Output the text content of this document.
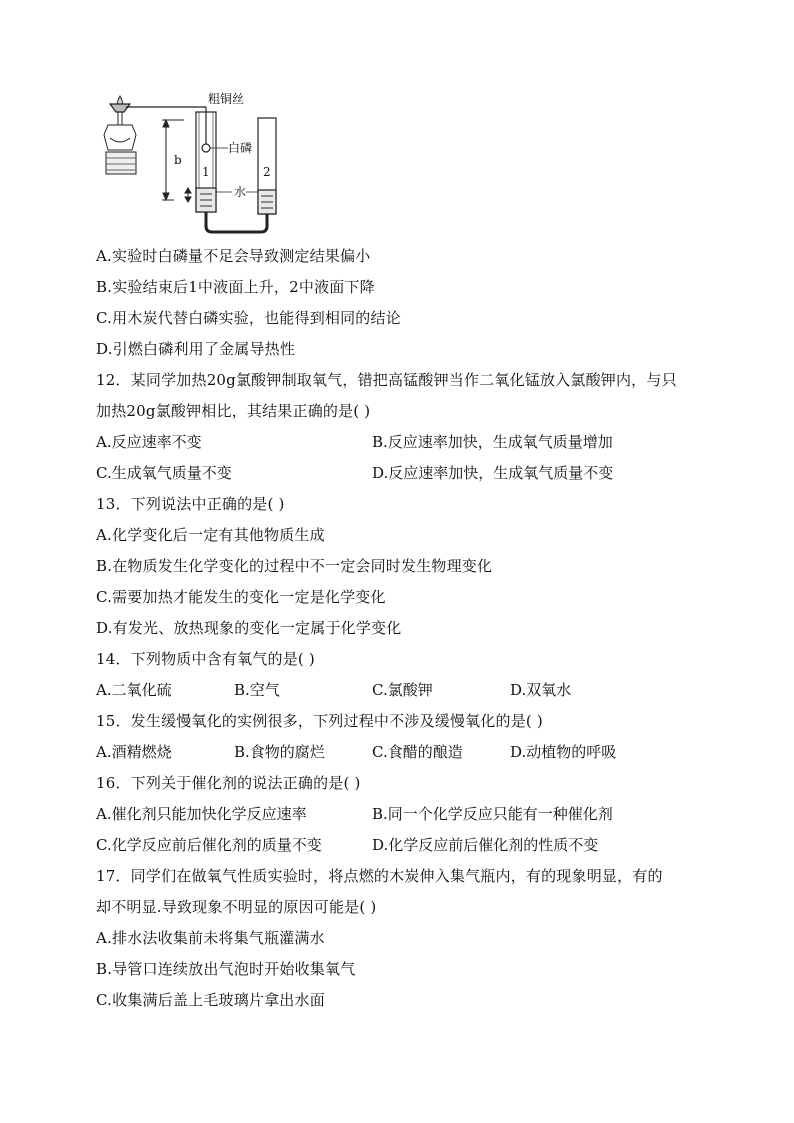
粗铜丝
白磷
水
b
1	2
A.实验时白磷量不足会导致测定结果偏小
B.实验结束后1中液面上升，2中液面下降
C.用木炭代替白磷实验，也能得到相同的结论
D.引燃白磷利用了金属导热性
12．某同学加热20g氯酸钾制取氧气，错把高锰酸钾当作二氧化锰放入氯酸钾内，与只
加热20g氯酸钾相比，其结果正确的是( )
A.反应速率不变	B.反应速率加快，生成氧气质量增加
C.生成氧气质量不变	D.反应速率加快，生成氧气质量不变
13．下列说法中正确的是( )
A.化学变化后一定有其他物质生成
B.在物质发生化学变化的过程中不一定会同时发生物理变化
C.需要加热才能发生的变化一定是化学变化
D.有发光、放热现象的变化一定属于化学变化
14．下列物质中含有氧气的是( )
A.二氧化硫	B.空气	C.氯酸钾	D.双氧水
15．发生缓慢氧化的实例很多，下列过程中不涉及缓慢氧化的是( )
A.酒精燃烧	B.食物的腐烂	C.食醋的酿造	D.动植物的呼吸
16．下列关于催化剂的说法正确的是( )
A.催化剂只能加快化学反应速率	B.同一个化学反应只能有一种催化剂
C.化学反应前后催化剂的质量不变	D.化学反应前后催化剂的性质不变
17．同学们在做氧气性质实验时，将点燃的木炭伸入集气瓶内，有的现象明显，有的
却不明显.导致现象不明显的原因可能是( )
A.排水法收集前未将集气瓶灌满水
B.导管口连续放出气泡时开始收集氧气
C.收集满后盖上毛玻璃片拿出水面
